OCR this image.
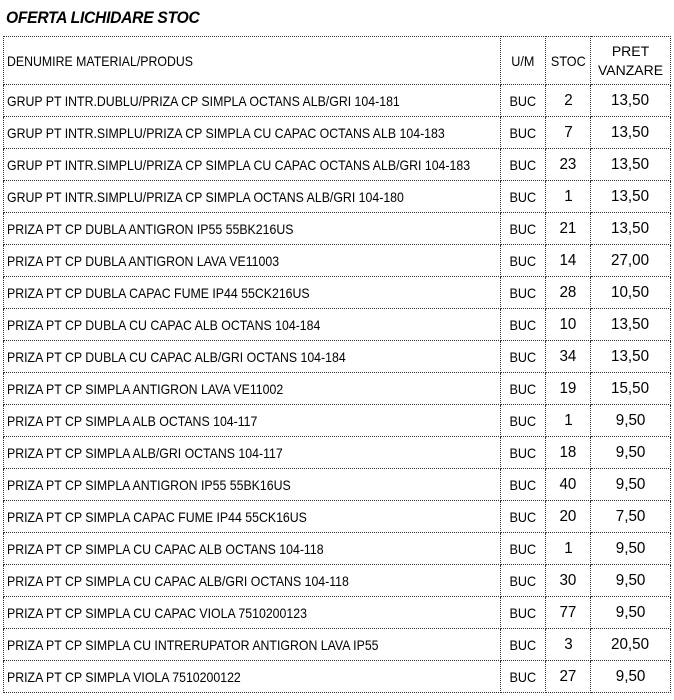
OFERTA LICHIDARE STOC
DENUMIRE MATERIAL/PRODUS	U/M	STOC	PRET
VANZARE

GRUP PT INTR.DUBLU/PRIZA CP SIMPLA OCTANS ALB/GRI 104-181	BUC	2	13,50
GRUP PT INTR.SIMPLU/PRIZA CP SIMPLA CU CAPAC OCTANS ALB 104-183	BUC	7	13,50
GRUP PT INTR.SIMPLU/PRIZA CP SIMPLA CU CAPAC OCTANS ALB/GRI 104-183	BUC	23	13,50
GRUP PT INTR.SIMPLU/PRIZA CP SIMPLA OCTANS ALB/GRI 104-180	BUC	1	13,50
PRIZA PT CP DUBLA ANTIGRON IP55 55BK216US	BUC	21	13,50
PRIZA PT CP DUBLA ANTIGRON LAVA VE11003	BUC	14	27,00
PRIZA PT CP DUBLA CAPAC FUME IP44 55CK216US	BUC	28	10,50
PRIZA PT CP DUBLA CU CAPAC ALB OCTANS 104-184	BUC	10	13,50
PRIZA PT CP DUBLA CU CAPAC ALB/GRI OCTANS 104-184	BUC	34	13,50
PRIZA PT CP SIMPLA ANTIGRON LAVA VE11002	BUC	19	15,50
PRIZA PT CP SIMPLA ALB OCTANS 104-117	BUC	1	9,50
PRIZA PT CP SIMPLA ALB/GRI OCTANS 104-117	BUC	18	9,50
PRIZA PT CP SIMPLA ANTIGRON IP55 55BK16US	BUC	40	9,50
PRIZA PT CP SIMPLA CAPAC FUME IP44 55CK16US	BUC	20	7,50
PRIZA PT CP SIMPLA CU CAPAC ALB OCTANS 104-118	BUC	1	9,50
PRIZA PT CP SIMPLA CU CAPAC ALB/GRI OCTANS 104-118	BUC	30	9,50
PRIZA PT CP SIMPLA CU CAPAC VIOLA 7510200123	BUC	77	9,50
PRIZA PT CP SIMPLA CU INTRERUPATOR ANTIGRON LAVA IP55	BUC	3	20,50
PRIZA PT CP SIMPLA VIOLA 7510200122	BUC	27	9,50
